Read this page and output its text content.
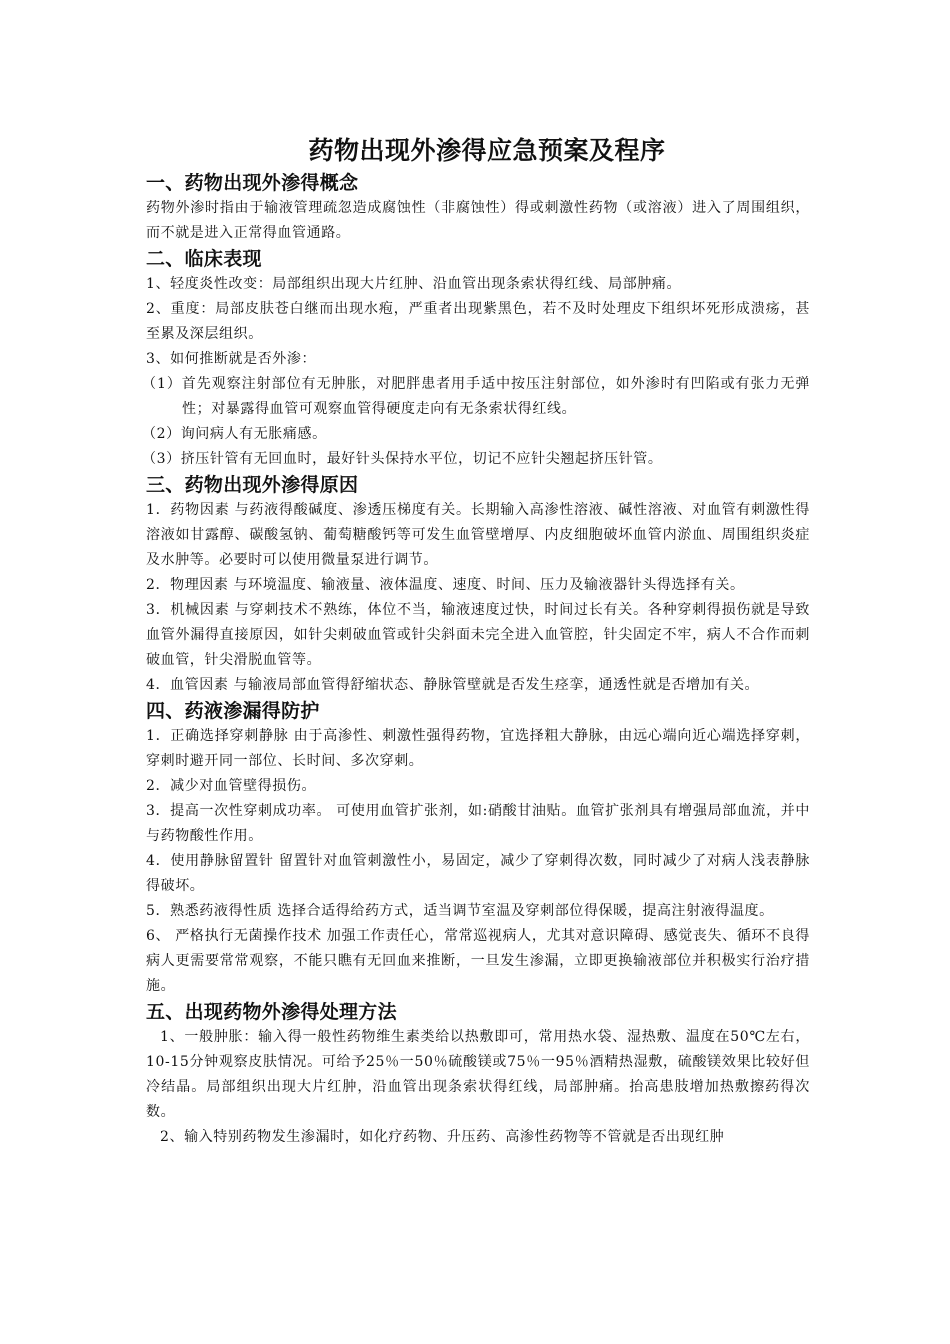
药物出现外渗得应急预案及程序
一、药物出现外渗得概念

药物外渗时指由于输液管理疏忽造成腐蚀性（非腐蚀性）得或刺激性药物（或溶液）进入了周围组织，而不就是进入正常得血管通路。

二、临床表现

1、轻度炎性改变：局部组织出现大片红肿、沿血管出现条索状得红线、局部肿痛。

2、重度：局部皮肤苍白继而出现水疱，严重者出现紫黑色，若不及时处理皮下组织坏死形成溃疡，甚至累及深层组织。

3、如何推断就是否外渗：

（1）首先观察注射部位有无肿胀，对肥胖患者用手适中按压注射部位，如外渗时有凹陷或有张力无弹性；对暴露得血管可观察血管得硬度走向有无条索状得红线。

（2）询问病人有无胀痛感。

（3）挤压针管有无回血时，最好针头保持水平位，切记不应针尖翘起挤压针管。

三、药物出现外渗得原因

1．药物因素 与药液得酸碱度、渗透压梯度有关。长期输入高渗性溶液、碱性溶液、对血管有刺激性得溶液如甘露醇、碳酸氢钠、葡萄糖酸钙等可发生血管壁增厚、内皮细胞破坏血管内淤血、周围组织炎症及水肿等。必要时可以使用微量泵进行调节。

2．物理因素 与环境温度、输液量、液体温度、速度、时间、压力及输液器针头得选择有关。

3．机械因素 与穿刺技术不熟练，体位不当，输液速度过快，时间过长有关。各种穿刺得损伤就是导致血管外漏得直接原因，如针尖刺破血管或针尖斜面未完全进入血管腔，针尖固定不牢，病人不合作而刺破血管，针尖滑脱血管等。

4．血管因素 与输液局部血管得舒缩状态、静脉管壁就是否发生痉挛，通透性就是否增加有关。

四、药液渗漏得防护

1．正确选择穿刺静脉 由于高渗性、刺激性强得药物，宜选择粗大静脉，由远心端向近心端选择穿刺，穿刺时避开同一部位、长时间、多次穿刺。

2．减少对血管壁得损伤。

3．提高一次性穿刺成功率。 可使用血管扩张剂，如:硝酸甘油贴。血管扩张剂具有增强局部血流，并中与药物酸性作用。

4．使用静脉留置针 留置针对血管刺激性小，易固定，减少了穿刺得次数，同时减少了对病人浅表静脉得破坏。

5．熟悉药液得性质 选择合适得给药方式，适当调节室温及穿刺部位得保暖，提高注射液得温度。

6、 严格执行无菌操作技术 加强工作责任心，常常巡视病人，尤其对意识障碍、感觉丧失、循环不良得病人更需要常常观察，不能只瞧有无回血来推断，一旦发生渗漏，立即更换输液部位并积极实行治疗措施。

五、出现药物外渗得处理方法

1、一般肿胀：输入得一般性药物维生素类给以热敷即可，常用热水袋、湿热敷、温度在50℃左右，10-15分钟观察皮肤情况。可给予25％一50％硫酸镁或75％一95％酒精热湿敷，硫酸镁效果比较好但冷结晶。局部组织出现大片红肿，沿血管出现条索状得红线，局部肿痛。抬高患肢增加热敷擦药得次数。

2、输入特别药物发生渗漏时，如化疗药物、升压药、高渗性药物等不管就是否出现红肿
